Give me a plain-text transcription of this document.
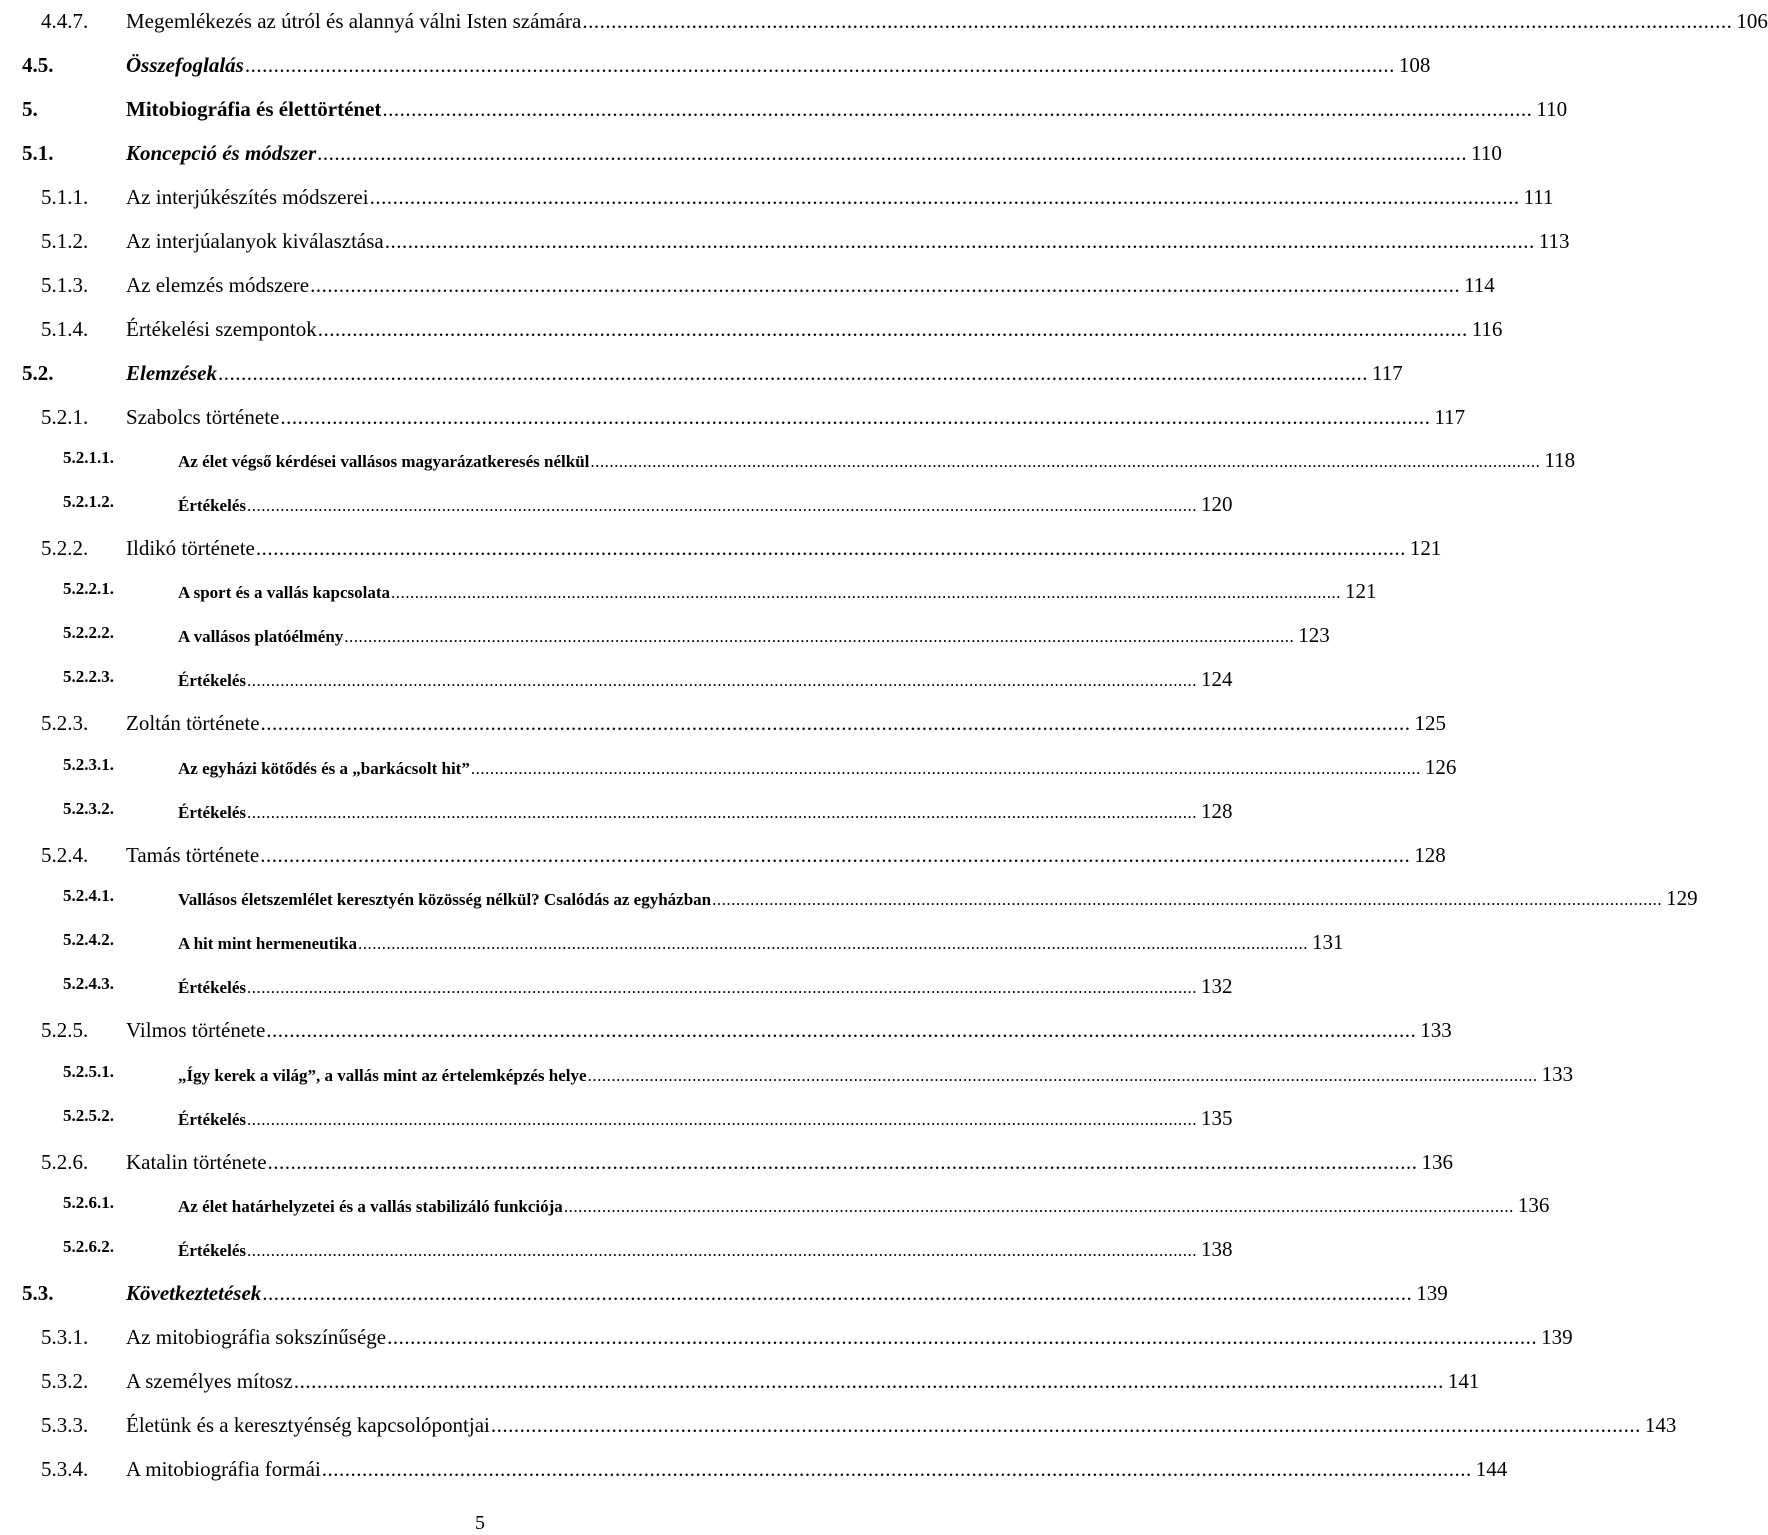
4.4.7. Megemlékezés az útról és alannyá válni Isten számára ........................................................................................................................................................................................................ 106
4.5.	Összefoglalás ........................................................................................................................................................................................................ 108
5.	Mitobiográfia és élettörténet ........................................................................................................................................................................................................ 110
5.1.	Koncepció és módszer ........................................................................................................................................................................................................ 110
5.1.1. Az interjúkészítés módszerei ........................................................................................................................................................................................................ 111
5.1.2. Az interjúalanyok kiválasztása ........................................................................................................................................................................................................ 113
5.1.3. Az elemzés módszere ........................................................................................................................................................................................................ 114
5.1.4. Értékelési szempontok ........................................................................................................................................................................................................ 116
5.2.	Elemzések ........................................................................................................................................................................................................ 117
5.2.1. Szabolcs története ........................................................................................................................................................................................................ 117
5.2.1.1.	Az élet végső kérdései vallásos magyarázatkeresés nélkül ........................................................................................................................................................................................................ 118
5.2.1.2.	Értékelés ........................................................................................................................................................................................................ 120
5.2.2. Ildikó története ........................................................................................................................................................................................................ 121
5.2.2.1.	A sport és a vallás kapcsolata ........................................................................................................................................................................................................ 121
5.2.2.2.	A vallásos platóélmény ........................................................................................................................................................................................................ 123
5.2.2.3.	Értékelés ........................................................................................................................................................................................................ 124
5.2.3. Zoltán története ........................................................................................................................................................................................................ 125
5.2.3.1.	Az egyházi kötődés és a „barkácsolt hit” ........................................................................................................................................................................................................ 126
5.2.3.2.	Értékelés ........................................................................................................................................................................................................ 128
5.2.4. Tamás története ........................................................................................................................................................................................................ 128
5.2.4.1.	Vallásos életszemlélet keresztyén közösség nélkül? Csalódás az egyházban ........................................................................................................................................................................................................ 129
5.2.4.2.	A hit mint hermeneutika ........................................................................................................................................................................................................ 131
5.2.4.3.	Értékelés ........................................................................................................................................................................................................ 132
5.2.5. Vilmos története ........................................................................................................................................................................................................ 133
5.2.5.1.	„Így kerek a világ”, a vallás mint az értelemképzés helye ........................................................................................................................................................................................................ 133
5.2.5.2.	Értékelés ........................................................................................................................................................................................................ 135
5.2.6. Katalin története ........................................................................................................................................................................................................ 136
5.2.6.1.	Az élet határhelyzetei és a vallás stabilizáló funkciója ........................................................................................................................................................................................................ 136
5.2.6.2.	Értékelés ........................................................................................................................................................................................................ 138
5.3.	Következtetések ........................................................................................................................................................................................................ 139
5.3.1. Az mitobiográfia sokszínűsége ........................................................................................................................................................................................................ 139
5.3.2. A személyes mítosz ........................................................................................................................................................................................................ 141
5.3.3. Életünk és a keresztyénség kapcsolópontjai ........................................................................................................................................................................................................ 143
5.3.4. A mitobiográfia formái ........................................................................................................................................................................................................ 144
5
